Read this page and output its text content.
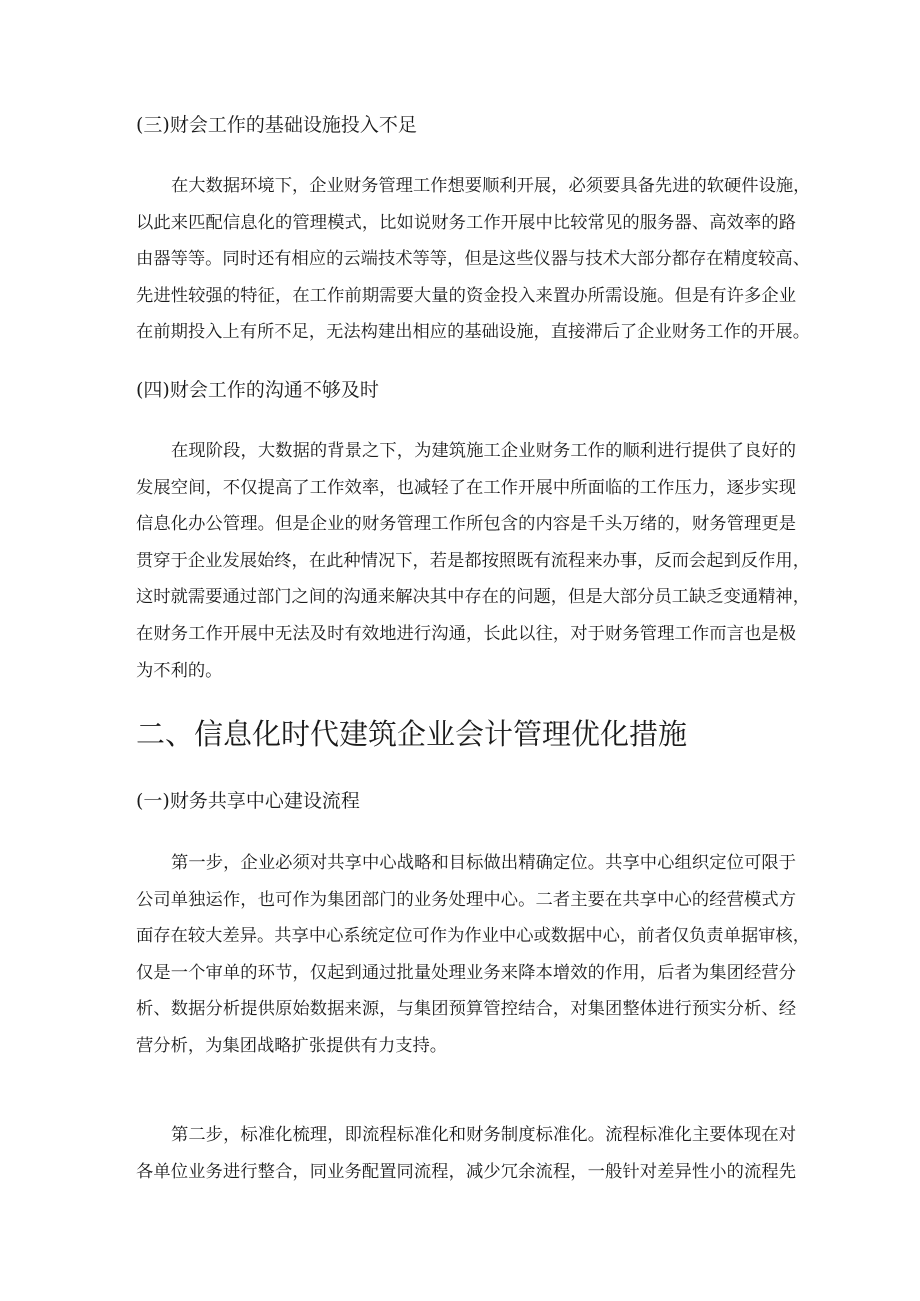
(三)财会工作的基础设施投入不足
在大数据环境下，企业财务管理工作想要顺利开展，必须要具备先进的软硬件设施，
以此来匹配信息化的管理模式，比如说财务工作开展中比较常见的服务器、高效率的路
由器等等。同时还有相应的云端技术等等，但是这些仪器与技术大部分都存在精度较高、
先进性较强的特征，在工作前期需要大量的资金投入来置办所需设施。但是有许多企业
在前期投入上有所不足，无法构建出相应的基础设施，直接滞后了企业财务工作的开展。
(四)财会工作的沟通不够及时
在现阶段，大数据的背景之下，为建筑施工企业财务工作的顺利进行提供了良好的
发展空间，不仅提高了工作效率，也减轻了在工作开展中所面临的工作压力，逐步实现
信息化办公管理。但是企业的财务管理工作所包含的内容是千头万绪的，财务管理更是
贯穿于企业发展始终，在此种情况下，若是都按照既有流程来办事，反而会起到反作用，
这时就需要通过部门之间的沟通来解决其中存在的问题，但是大部分员工缺乏变通精神，
在财务工作开展中无法及时有效地进行沟通，长此以往，对于财务管理工作而言也是极
为不利的。
二、信息化时代建筑企业会计管理优化措施
(一)财务共享中心建设流程
第一步，企业必须对共享中心战略和目标做出精确定位。共享中心组织定位可限于
公司单独运作，也可作为集团部门的业务处理中心。二者主要在共享中心的经营模式方
面存在较大差异。共享中心系统定位可作为作业中心或数据中心，前者仅负责单据审核，
仅是一个审单的环节，仅起到通过批量处理业务来降本增效的作用，后者为集团经营分
析、数据分析提供原始数据来源，与集团预算管控结合，对集团整体进行预实分析、经
营分析，为集团战略扩张提供有力支持。
第二步，标准化梳理，即流程标准化和财务制度标准化。流程标准化主要体现在对
各单位业务进行整合，同业务配置同流程，减少冗余流程，一般针对差异性小的流程先
